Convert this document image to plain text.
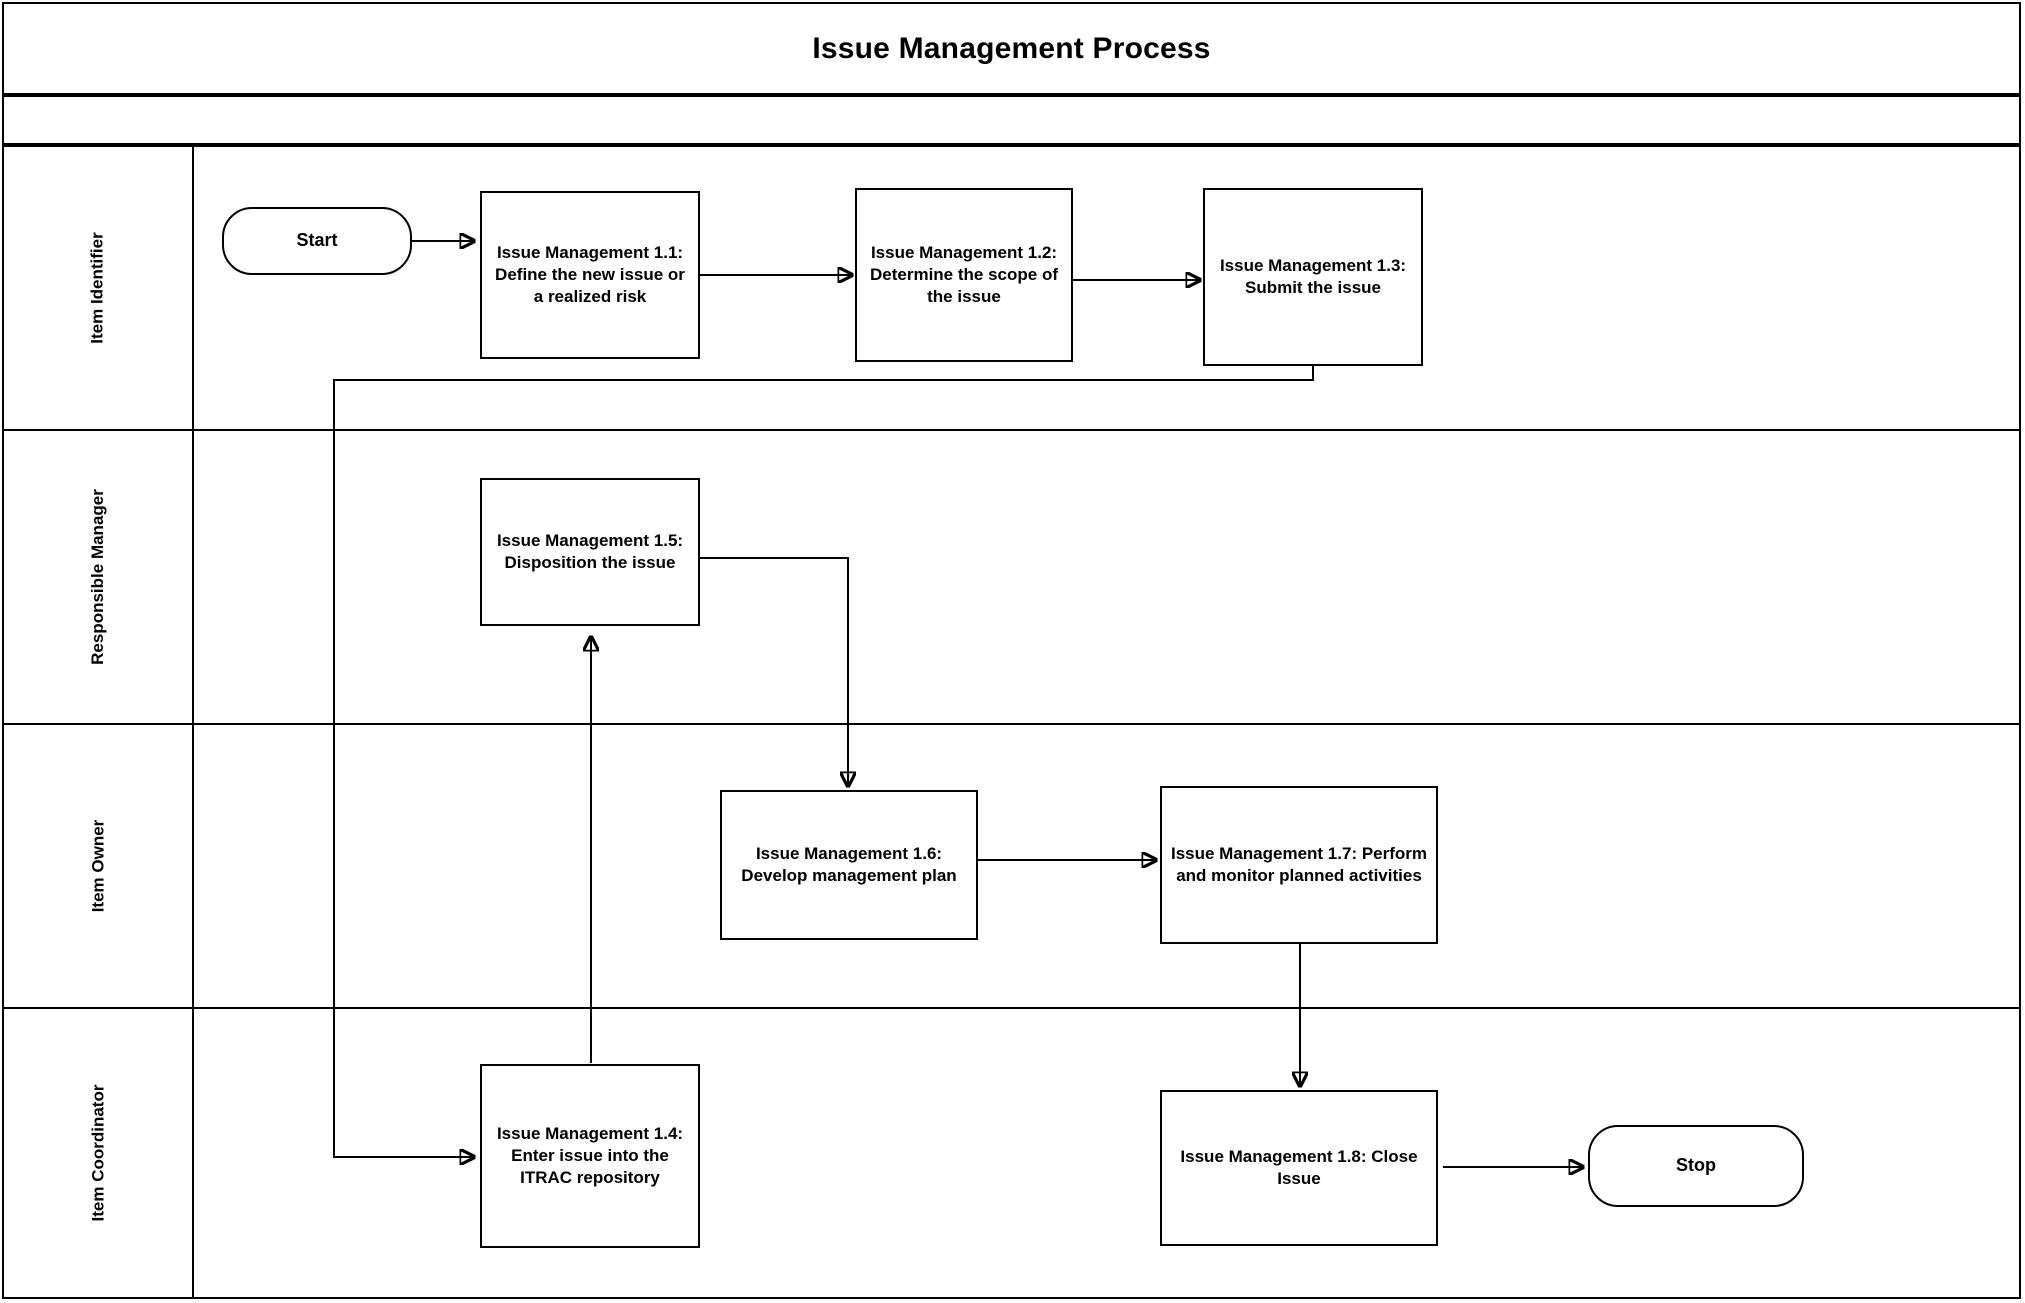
Issue Management Process
Item Identifier
Responsible Manager
Item Owner
Item Coordinator
Start
Issue Management 1.1: Define the new issue or a realized risk
Issue Management 1.2: Determine the scope of the issue
Issue Management 1.3: Submit the issue
Issue Management 1.5: Disposition the issue
Issue Management 1.6: Develop management plan
Issue Management 1.7: Perform and monitor planned activities
Issue Management 1.4: Enter issue into the ITRAC repository
Issue Management 1.8: Close Issue
Stop
